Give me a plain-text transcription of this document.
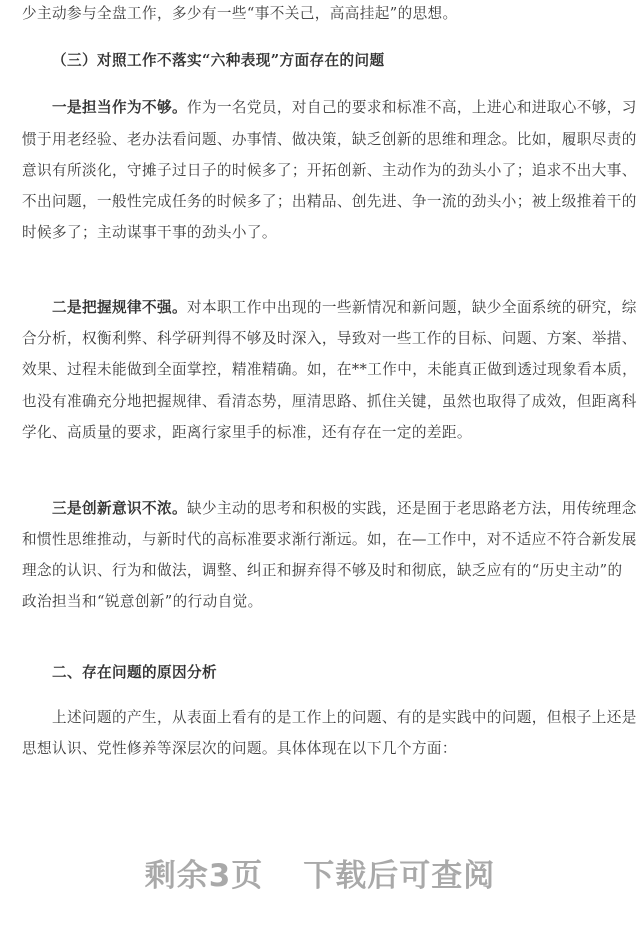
少主动参与全盘工作，多少有一些“事不关己，高高挂起”的思想。
（三）对照工作不落实“六种表现”方面存在的问题
一是担当作为不够。作为一名党员，对自己的要求和标准不高，上进心和进取心不够，习
惯于用老经验、老办法看问题、办事情、做决策，缺乏创新的思维和理念。比如，履职尽责的
意识有所淡化，守摊子过日子的时候多了；开拓创新、主动作为的劲头小了；追求不出大事、
不出问题，一般性完成任务的时候多了；出精品、创先进、争一流的劲头小；被上级推着干的
时候多了；主动谋事干事的劲头小了。
二是把握规律不强。对本职工作中出现的一些新情况和新问题，缺少全面系统的研究，综
合分析，权衡利弊、科学研判得不够及时深入，导致对一些工作的目标、问题、方案、举措、
效果、过程未能做到全面掌控，精准精确。如，在**工作中，未能真正做到透过现象看本质，
也没有准确充分地把握规律、看清态势，厘清思路、抓住关键，虽然也取得了成效，但距离科
学化、高质量的要求，距离行家里手的标准，还有存在一定的差距。
三是创新意识不浓。缺少主动的思考和积极的实践，还是囿于老思路老方法，用传统理念
和惯性思维推动，与新时代的高标准要求渐行渐远。如，在—工作中，对不适应不符合新发展
理念的认识、行为和做法，调整、纠正和摒弃得不够及时和彻底，缺乏应有的“历史主动”的
政治担当和“锐意创新”的行动自觉。
二、存在问题的原因分析
上述问题的产生，从表面上看有的是工作上的问题、有的是实践中的问题，但根子上还是
思想认识、党性修养等深层次的问题。具体体现在以下几个方面：
剩余3页 下载后可查阅
